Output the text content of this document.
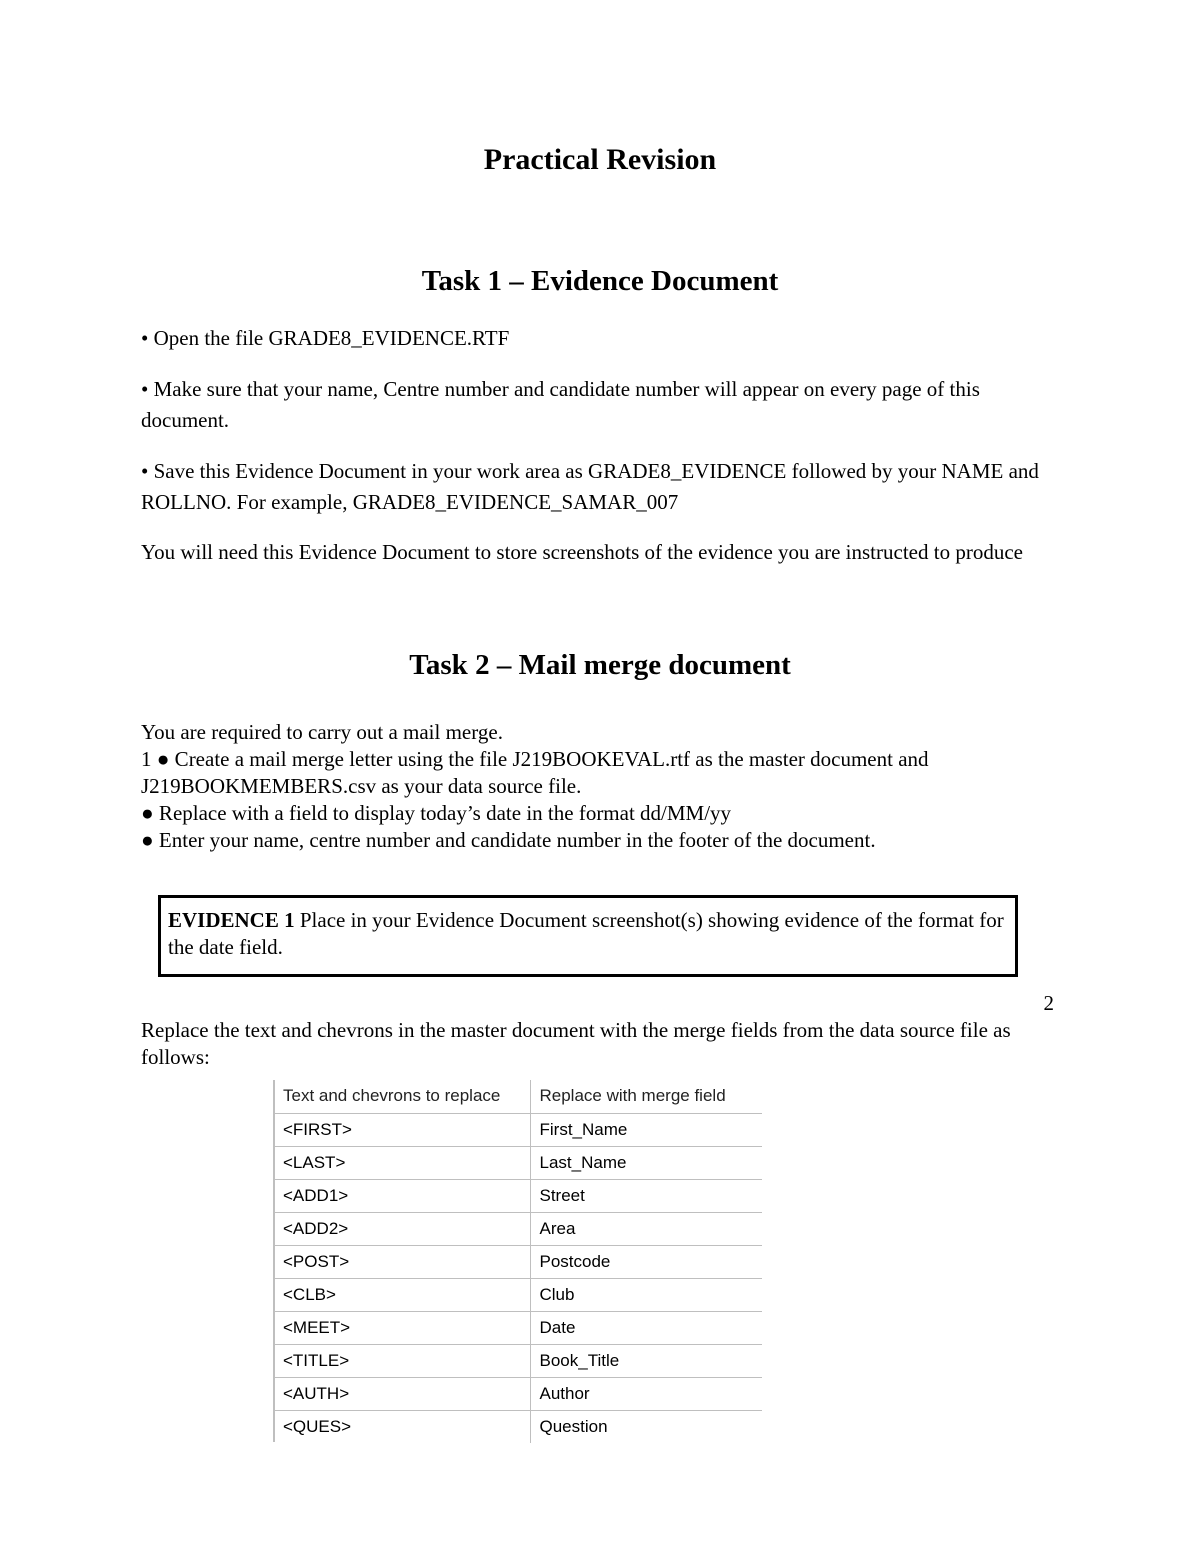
Practical Revision
Task 1 – Evidence Document
• Open the file GRADE8_EVIDENCE.RTF
• Make sure that your name, Centre number and candidate number will appear on every page of this document.
• Save this Evidence Document in your work area as GRADE8_EVIDENCE followed by your NAME and ROLLNO. For example, GRADE8_EVIDENCE_SAMAR_007
You will need this Evidence Document to store screenshots of the evidence you are instructed to produce
Task 2 – Mail merge document
You are required to carry out a mail merge.
1 ● Create a mail merge letter using the file J219BOOKEVAL.rtf as the master document and J219BOOKMEMBERS.csv as your data source file.
● Replace with a field to display today’s date in the format dd/MM/yy
● Enter your name, centre number and candidate number in the footer of the document.
EVIDENCE 1 Place in your Evidence Document screenshot(s) showing evidence of the format for the date field.
2
Replace the text and chevrons in the master document with the merge fields from the data source file as follows:
Text and chevrons to replace	Replace with merge field
<FIRST>	First_Name
<LAST>	Last_Name
<ADD1>	Street
<ADD2>	Area
<POST>	Postcode
<CLB>	Club
<MEET>	Date
<TITLE>	Book_Title
<AUTH>	Author
<QUES>	Question
